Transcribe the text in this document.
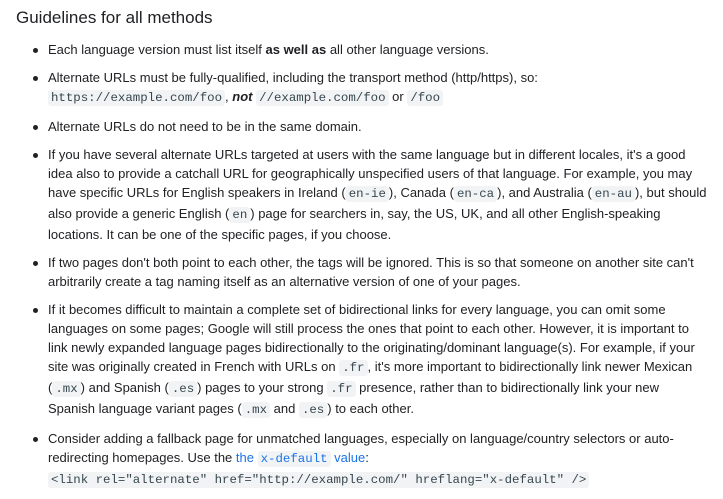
Guidelines for all methods
Each language version must list itself as well as all other language versions.
Alternate URLs must be fully-qualified, including the transport method (http/https), so:
https://example.com/foo , not //example.com/foo or /foo
Alternate URLs do not need to be in the same domain.
If you have several alternate URLs targeted at users with the same language but in different locales, it's a good idea also to provide a catchall URL for geographically unspecified users of that language. For example, you may have specific URLs for English speakers in Ireland ( en-ie ), Canada ( en-ca ), and Australia ( en-au ), but should also provide a generic English ( en ) page for searchers in, say, the US, UK, and all other English-speaking locations. It can be one of the specific pages, if you choose.
If two pages don't both point to each other, the tags will be ignored. This is so that someone on another site can't arbitrarily create a tag naming itself as an alternative version of one of your pages.
If it becomes difficult to maintain a complete set of bidirectional links for every language, you can omit some languages on some pages; Google will still process the ones that point to each other. However, it is important to link newly expanded language pages bidirectionally to the originating/dominant language(s). For example, if your site was originally created in French with URLs on .fr , it's more important to bidirectionally link newer Mexican ( .mx ) and Spanish ( .es ) pages to your strong .fr presence, rather than to bidirectionally link your new Spanish language variant pages ( .mx and .es ) to each other.
Consider adding a fallback page for unmatched languages, especially on language/country selectors or auto-redirecting homepages. Use the the x-default value:
<link rel="alternate" href="http://example.com/" hreflang="x-default" />
